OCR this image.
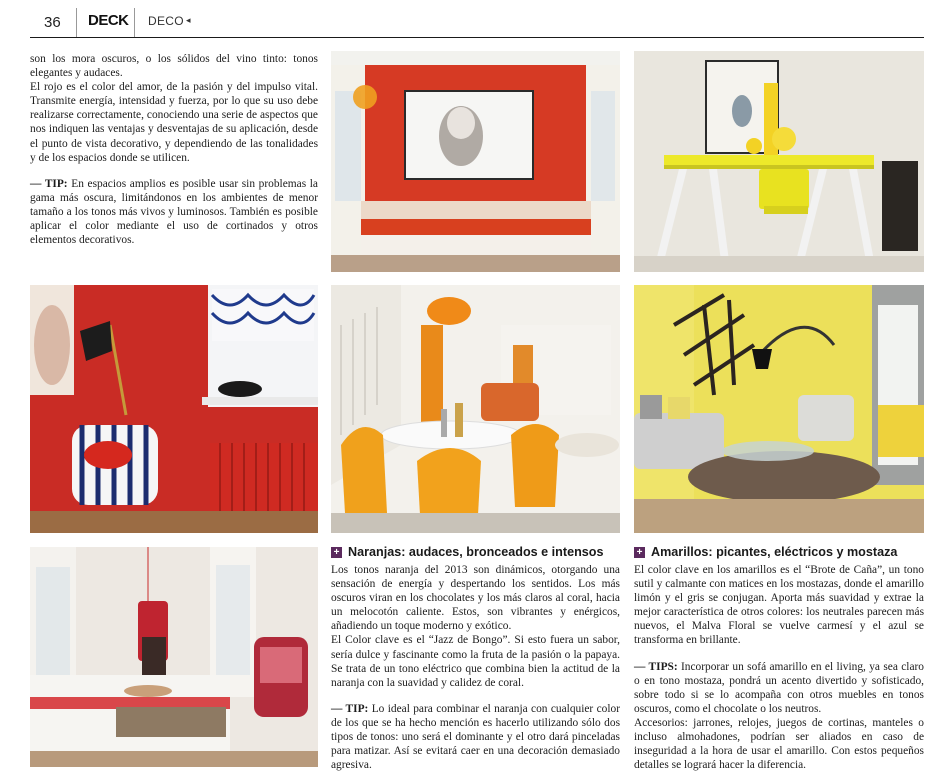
36 DECK DECO ◂

son los mora oscuros, o los sólidos del vino tinto: tonos elegantes y audaces.

El rojo es el color del amor, de la pasión y del impulso vital. Transmite energía, intensidad y fuerza, por lo que su uso debe realizarse correctamente, conociendo una serie de aspectos que nos indiquen las ventajas y desventajas de su aplicación, desde el punto de vista decorativo, y dependiendo de las tonalidades y de los espacios donde se utilicen.

— TIP: En espacios amplios es posible usar sin problemas la gama más oscura, limitándonos en los ambientes de menor tamaño a los tonos más vivos y luminosos. También es posible aplicar el color mediante el uso de cortinados y otros elementos decorativos.

+ Naranjas: audaces, bronceados e intensos

Los tonos naranja del 2013 son dinámicos, otorgando una sensación de energía y despertando los sentidos. Los más oscuros viran en los chocolates y los más claros al coral, hacia un melocotón caliente. Estos, son vibrantes y enérgicos, añadiendo un toque moderno y exótico.

El Color clave es el “Jazz de Bongo”. Si esto fuera un sabor, sería dulce y fascinante como la fruta de la pasión o la papaya. Se trata de un tono eléctrico que combina bien la actitud de la naranja con la suavidad y calidez de coral.

— TIP: Lo ideal para combinar el naranja con cualquier color de los que se ha hecho mención es hacerlo utilizando sólo dos tipos de tonos: uno será el dominante y el otro dará pinceladas para matizar. Así se evitará caer en una decoración demasiado agresiva.

+ Amarillos: picantes, eléctricos y mostaza

El color clave en los amarillos es el “Brote de Caña”, un tono sutil y calmante con matices en los mostazas, donde el amarillo limón y el gris se conjugan. Aporta más suavidad y extrae la mejor característica de otros colores: los neutrales parecen más nuevos, el Malva Floral se vuelve carmesí y el azul se transforma en brillante.

— TIPS: Incorporar un sofá amarillo en el living, ya sea claro o en tono mostaza, pondrá un acento divertido y sofisticado, sobre todo si se lo acompaña con otros muebles en tonos oscuros, como el chocolate o los neutros.

Accesorios: jarrones, relojes, juegos de cortinas, manteles o incluso almohadones, podrían ser aliados en caso de inseguridad a la hora de usar el amarillo. Con estos pequeños detalles se logrará hacer la diferencia.
